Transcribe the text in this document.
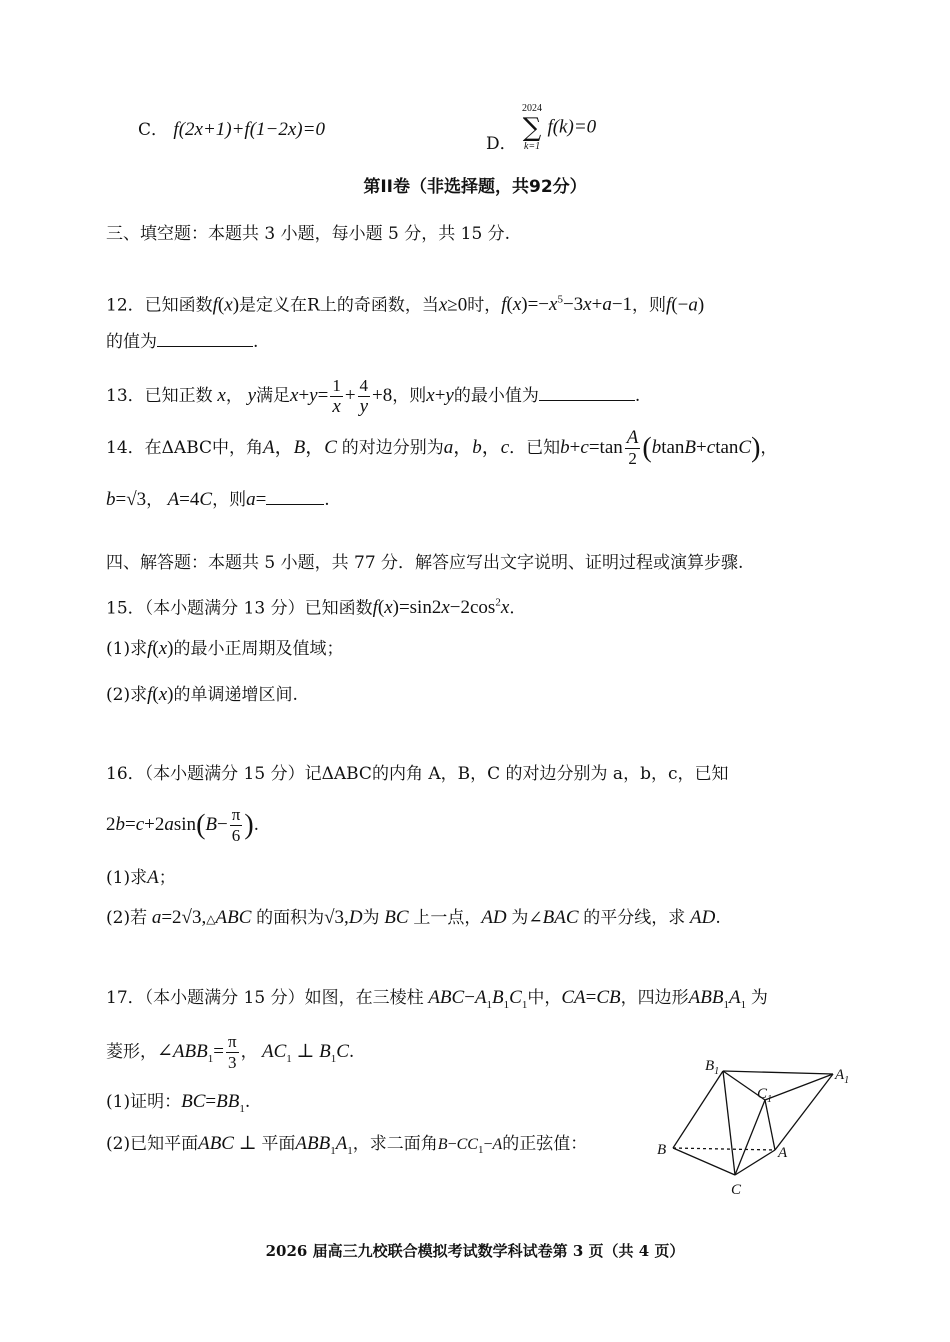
C． f(2x+1)+f(1−2x)=0
D．
2024
∑
k=1
f(k)=0
第II卷（非选择题，共92分）
三、填空题：本题共 3 小题，每小题 5 分，共 15 分.
12．已知函数f(x)是定义在R上的奇函数，当x≥0时，$f(x)=-x^5-3x+a-1$，则f(−a)
的值为	.
13．已知正数 x， y满足$x+y= \frac{1}{x} + \frac{4}{y} +8$，则x+y的最小值为	.
14．在ΔABC中，角A，B，C 的对边分别为a，b，c．已知$b+c=\tan \frac{A}{2} (btanB+ctanC)$，
b=√3， A=4C，则a=	.
四、解答题：本题共 5 小题，共 77 分．解答应写出文字说明、证明过程或演算步骤.
15．（本小题满分 13 分）已知函数$f(x)=\sin 2x-2\cos^2x$.
(1)求f(x)的最小正周期及值域；
(2)求f(x)的单调递增区间.
16．（本小题满分 15 分）记ΔABC的内角 A，B，C 的对边分别为 a，b，c，已知
$2b=c+2asin(B- \frac{\pi}{6}$ ).
(1)求A；
(2)若 a=2√3,△ABC 的面积为√3,D为 BC 上一点，AD 为∠BAC 的平分线，求 AD.
17．（本小题满分 15 分）如图，在三棱柱 $ABC-A_1B_1C_1$中，CA=CB，四边形$ABB_1A_1$ 为
菱形，$\angle ABB_1= \frac{\pi}{3}$ ， $AC_1$ ⊥ $B_1C$.
(1)证明：$BC=BB_1$.
(2)已知平面ABC ⊥ 平面$ABB_1A_1$，求二面角$B-CC_1-A$的正弦值：
$B_1$
$C_1$
$A_1$
B	A
C
2026 届高三九校联合模拟考试数学科试卷第 3 页（共 4 页）
